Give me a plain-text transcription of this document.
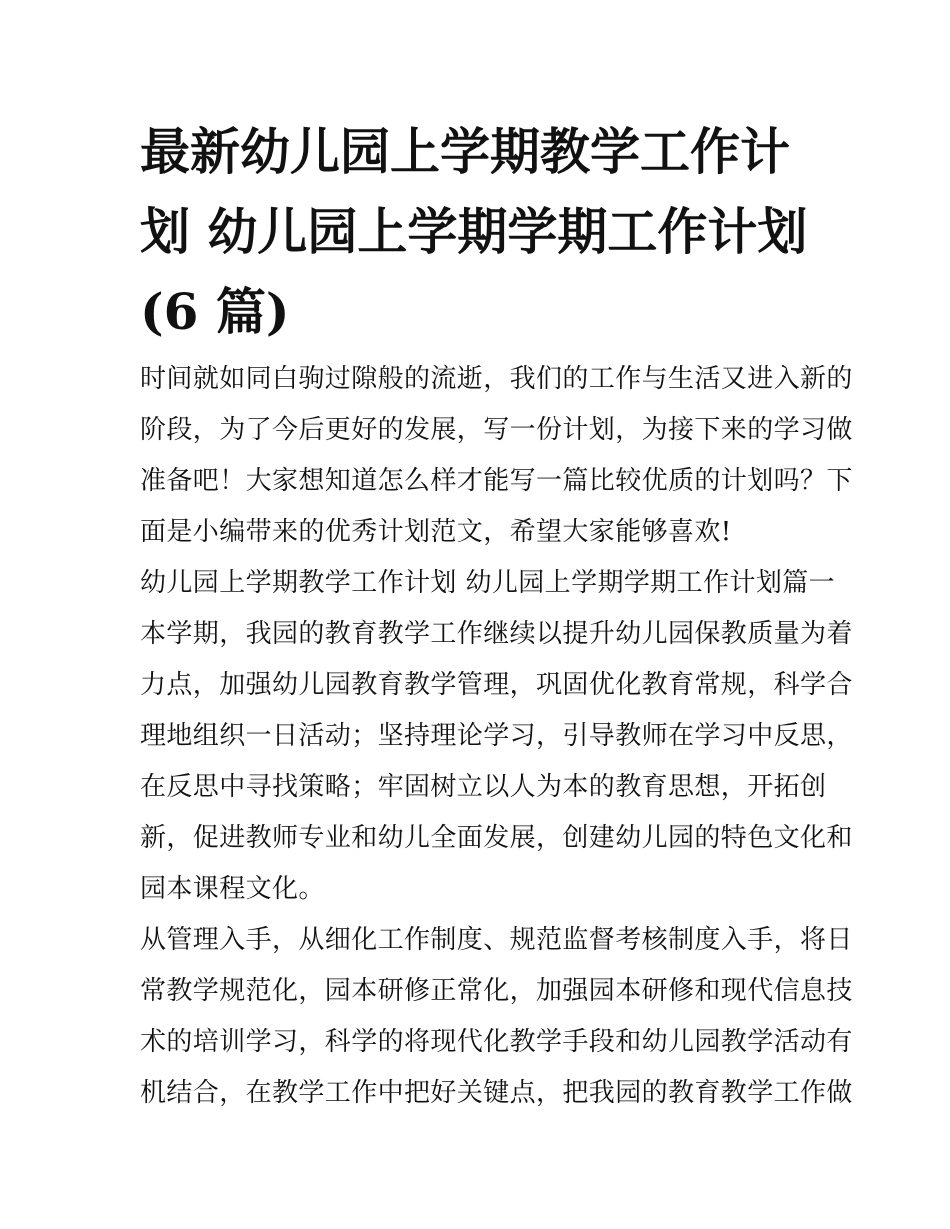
最新幼儿园上学期教学工作计
划 幼儿园上学期学期工作计划
(6 篇)

时间就如同白驹过隙般的流逝，我们的工作与生活又进入新的
阶段，为了今后更好的发展，写一份计划，为接下来的学习做
准备吧！大家想知道怎么样才能写一篇比较优质的计划吗？下
面是小编带来的优秀计划范文，希望大家能够喜欢!

幼儿园上学期教学工作计划 幼儿园上学期学期工作计划篇一

本学期，我园的教育教学工作继续以提升幼儿园保教质量为着
力点，加强幼儿园教育教学管理，巩固优化教育常规，科学合
理地组织一日活动；坚持理论学习，引导教师在学习中反思，
在反思中寻找策略；牢固树立以人为本的教育思想，开拓创
新，促进教师专业和幼儿全面发展，创建幼儿园的特色文化和
园本课程文化。

从管理入手，从细化工作制度、规范监督考核制度入手，将日
常教学规范化，园本研修正常化，加强园本研修和现代信息技
术的培训学习，科学的将现代化教学手段和幼儿园教学活动有
机结合，在教学工作中把好关键点，把我园的教育教学工作做
